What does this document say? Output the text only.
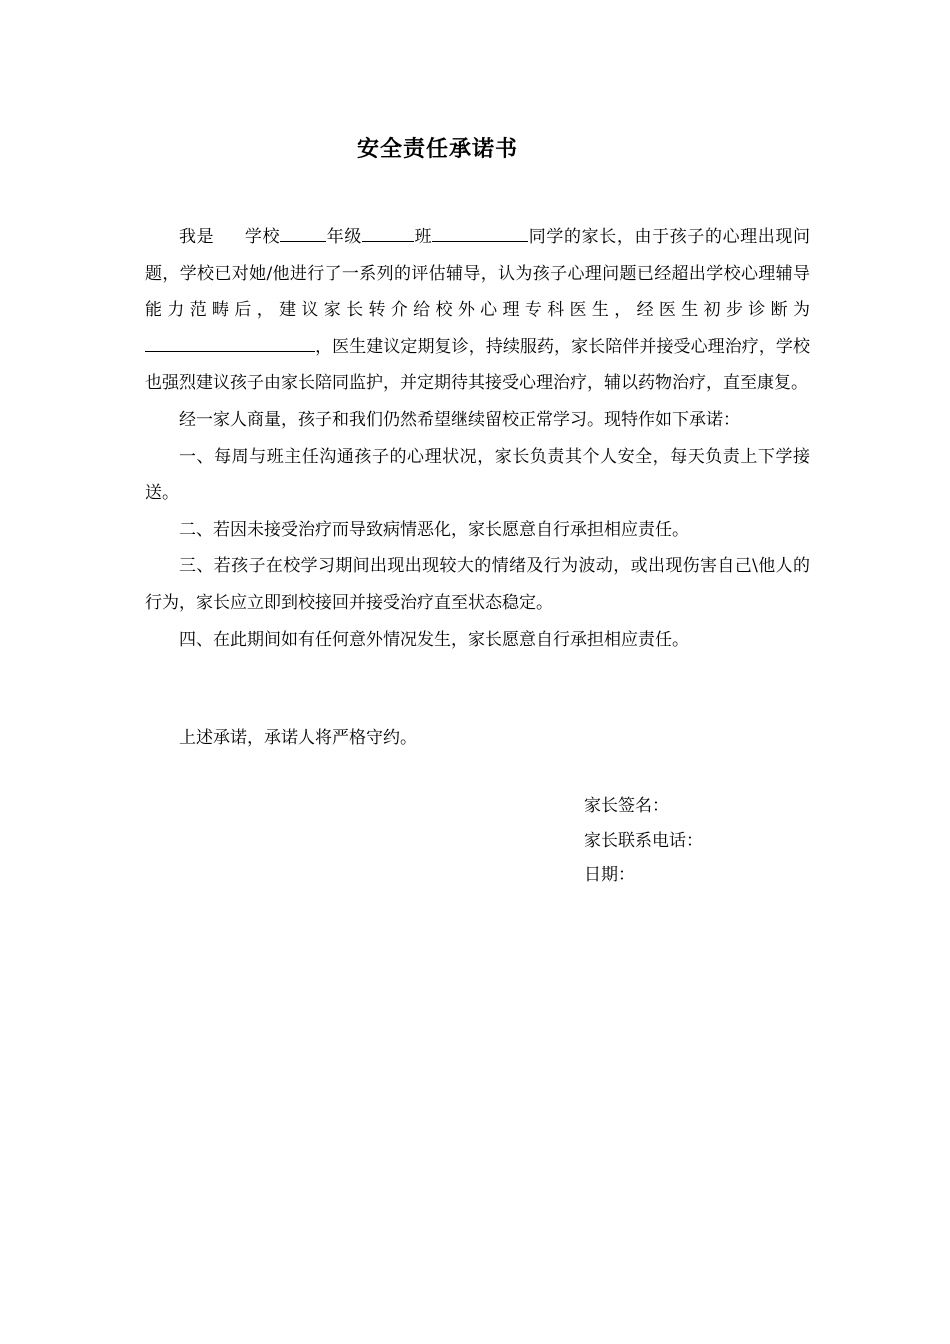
安全责任承诺书

我是 学校	年级	班	同学的家长，由于孩子的心理出现问题，学校已对她/他进行了一系列的评估辅导，认为孩子心理问题已经超出学校心理辅导能力范畴后，建议家长转介给校外心理专科医生，经医生初步诊断为，医生建议定期复诊，持续服药，家长陪伴并接受心理治疗，学校也强烈建议孩子由家长陪同监护，并定期待其接受心理治疗，辅以药物治疗，直至康复。

经一家人商量，孩子和我们仍然希望继续留校正常学习。现特作如下承诺：

一、每周与班主任沟通孩子的心理状况，家长负责其个人安全，每天负责上下学接送。

二、若因未接受治疗而导致病情恶化，家长愿意自行承担相应责任。

三、若孩子在校学习期间出现出现较大的情绪及行为波动，或出现伤害自己\他人的行为，家长应立即到校接回并接受治疗直至状态稳定。

四、在此期间如有任何意外情况发生，家长愿意自行承担相应责任。

上述承诺，承诺人将严格守约。

家长签名：

家长联系电话：

日期：
